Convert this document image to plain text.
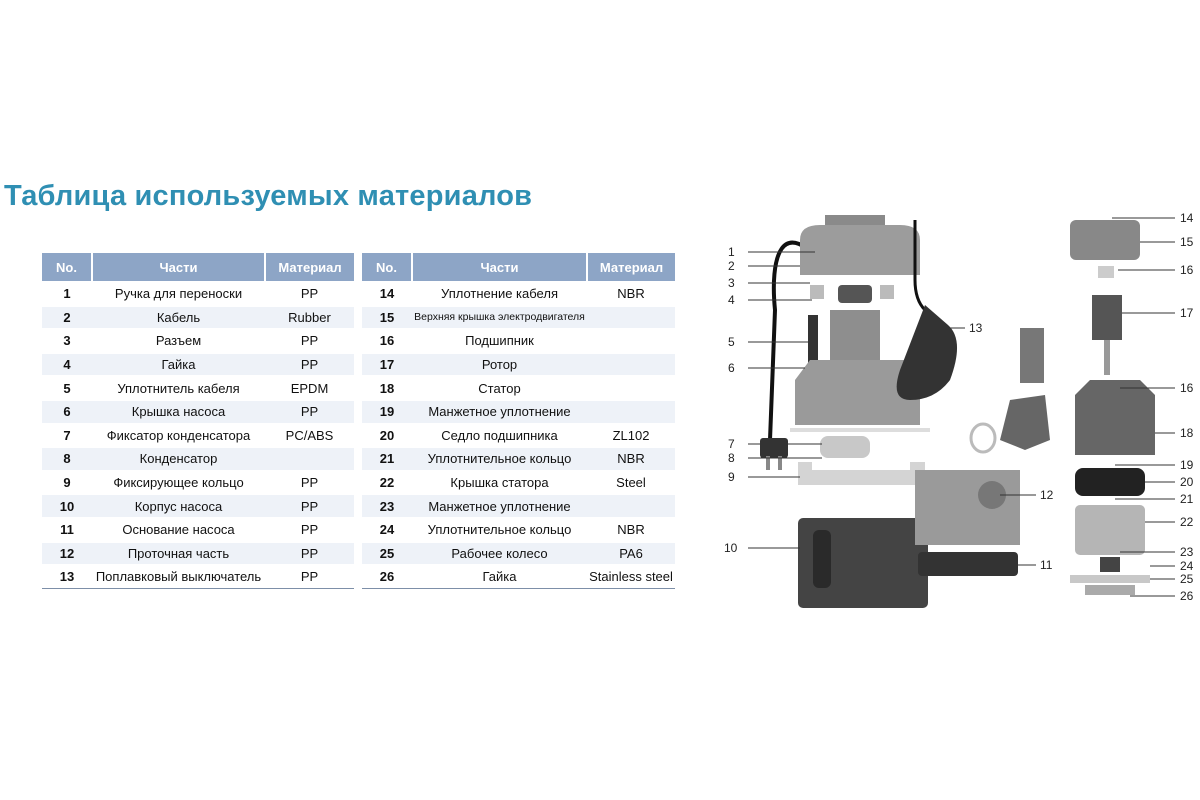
Таблица используемых материалов
No.	Части	Материал
1	Ручка для переноски	PP
2	Кабель	Rubber
3	Разъем	PP
4	Гайка	PP
5	Уплотнитель кабеля	EPDM
6	Крышка насоса	PP
7	Фиксатор конденсатора	PC/ABS
8	Конденсатор	
9	Фиксирующее кольцо	PP
10	Корпус насоса	PP
11	Основание насоса	PP
12	Проточная часть	PP
13	Поплавковый выключатель	PP
No.	Части	Материал
14	Уплотнение кабеля	NBR
15	Верхняя крышка электродвигателя	
16	Подшипник	
17	Ротор	
18	Статор	
19	Манжетное уплотнение	
20	Седло подшипника	ZL102
21	Уплотнительное кольцо	NBR
22	Крышка статора	Steel
23	Манжетное уплотнение	
24	Уплотнительное кольцо	NBR
25	Рабочее колесо	PA6
26	Гайка	Stainless steel
1
2
3
4
5
6
7
8
9
10
11
12
13
14
15
16
16
17
18
19
20
21
22
23
24
25
26
